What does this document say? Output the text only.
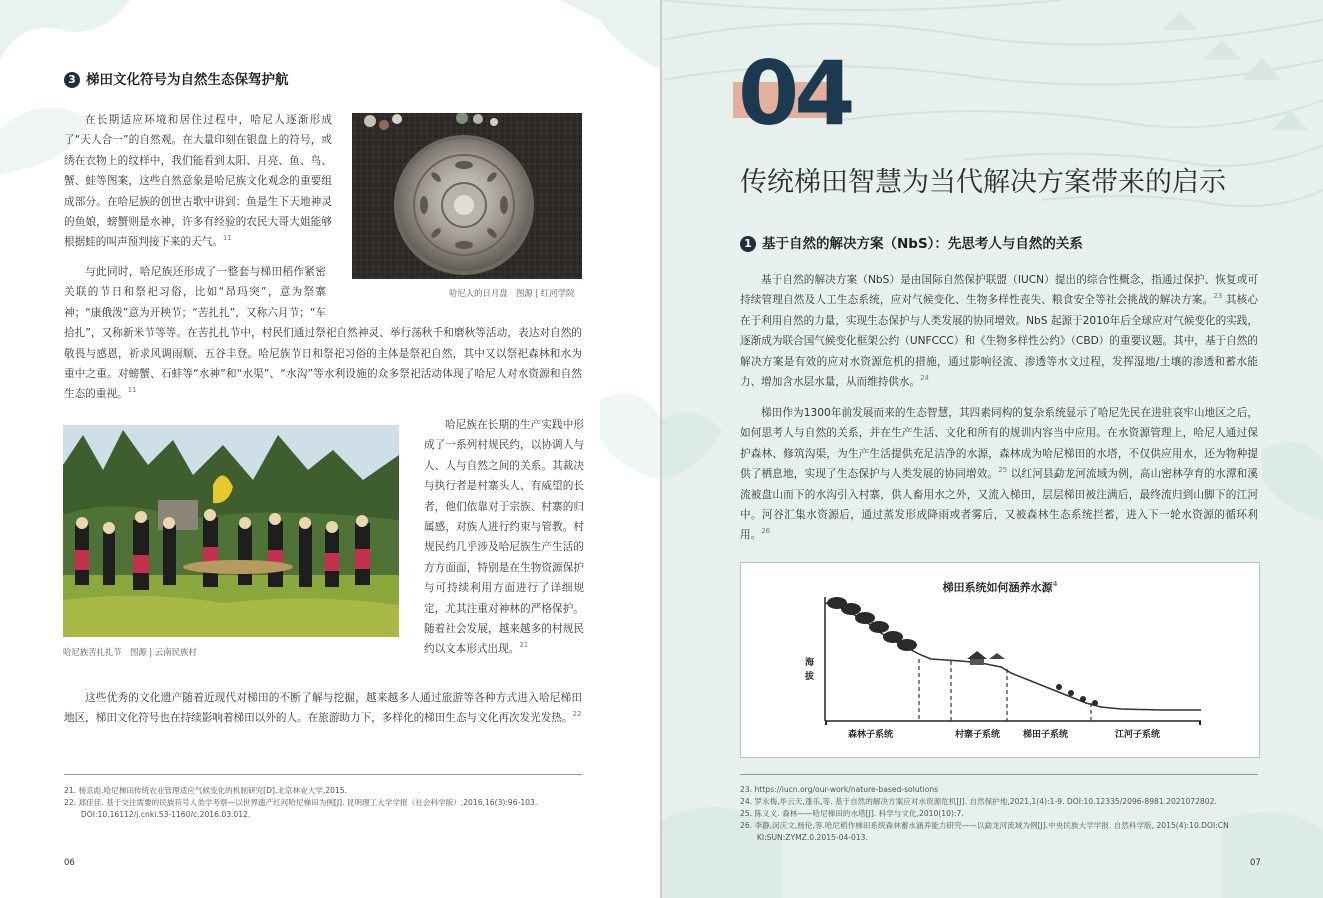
3 梯田文化符号为自然生态保驾护航

在长期适应环境和居住过程中，哈尼人逐渐形成了“天人合一”的自然观。在大量印刻在银盘上的符号，或绣在衣物上的纹样中，我们能看到太阳、月亮、鱼、鸟、蟹、蛙等图案，这些自然意象是哈尼族文化观念的重要组成部分。在哈尼族的创世古歌中讲到：鱼是生下天地神灵的鱼娘，螃蟹则是水神，许多有经验的农民大哥大姐能够根据蛙的叫声预判接下来的天气。$^{11}$

哈尼人的日月盘　图源 | 红河学院

与此同时，哈尼族还形成了一整套与梯田稻作紧密关联的节日和祭祀习俗，比如“昂玛突”，意为祭寨神；“康俄泼”意为开秧节；“苦扎扎”，又称六月节；“车拾扎”，又称新米节等等。在苦扎扎节中，村民们通过祭祀自然神灵、举行荡秋千和磨秋等活动，表达对自然的敬畏与感恩，祈求风调雨顺、五谷丰登。哈尼族节日和祭祀习俗的主体是祭祀自然，其中又以祭祀森林和水为重中之重。对螃蟹、石蚌等“水神”和“水渠”、“水沟”等水利设施的众多祭祀活动体现了哈尼人对水资源和自然生态的重视。$^{11}$

哈尼族苦扎扎节　图源 | 云南民族村

哈尼族在长期的生产实践中形成了一系列村规民约，以协调人与人、人与自然之间的关系。其裁决与执行者是村寨头人、有威望的长者，他们依靠对于宗族、村寨的归属感，对族人进行约束与管教。村规民约几乎涉及哈尼族生产生活的方方面面，特别是在生物资源保护与可持续利用方面进行了详细规定，尤其注重对神林的严格保护。随着社会发展，越来越多的村规民约以文本形式出现。$^{21}$

这些优秀的文化遗产随着近现代对梯田的不断了解与挖掘，越来越多人通过旅游等各种方式进入哈尼梯田地区，梯田文化符号也在持续影响着梯田以外的人。在旅游助力下，多样化的梯田生态与文化再次发光发热。$^{22}$

21. 杨京彪.哈尼梯田传统农业管理适应气候变化的机制研究[D].北京林业大学,2015.
22. 郑佳佳. 基于交往需要的民族符号人类学考察—以世界遗产红河哈尼梯田为例[J]. 昆明理工大学学报（社会科学版）,2016,16(3):96-103.
DOI:10.16112/j.cnki.53-1160/c.2016.03.012.
06
04
传统梯田智慧为当代解决方案带来的启示
1 基于自然的解决方案（NbS）：先思考人与自然的关系

基于自然的解决方案（NbS）是由国际自然保护联盟（IUCN）提出的综合性概念，指通过保护、恢复或可持续管理自然及人工生态系统，应对气候变化、生物多样性丧失、粮食安全等社会挑战的解决方案。$^{23}$ 其核心在于利用自然的力量，实现生态保护与人类发展的协同增效。NbS 起源于2010年后全球应对气候变化的实践，逐渐成为联合国气候变化框架公约（UNFCCC）和《生物多样性公约》（CBD）的重要议题。其中，基于自然的解决方案是有效的应对水资源危机的措施，通过影响径流、渗透等水文过程，发挥湿地/土壤的渗透和蓄水能力、增加含水层水量，从而维持供水。$^{24}$

梯田作为1300年前发展而来的生态智慧，其四素同构的复杂系统显示了哈尼先民在进驻哀牢山地区之后，如何思考人与自然的关系，并在生产生活、文化和所有的规训内容当中应用。在水资源管理上，哈尼人通过保护森林、修筑沟渠，为生产生活提供充足洁净的水源，森林成为哈尼梯田的水塔，不仅供应用水，还为物种提供了栖息地，实现了生态保护与人类发展的协同增效。$^{25}$ 以红河县勐龙河流域为例，高山密林孕育的水潭和溪流被盘山而下的水沟引入村寨，供人畜用水之外，又流入梯田，层层梯田被注满后，最终流归到山脚下的江河中。河谷汇集水资源后，通过蒸发形成降雨或者雾后，又被森林生态系统拦蓄，进入下一轮水资源的循环利用。$^{26}$

梯田系统如何涵养水源$^4$
海
拔
森林子系统	村寨子系统	梯田子系统	江河子系统
23. https://iucn.org/our-work/nature-based-solutions
24. 罗永梅,毕云天,蓬乐,等. 基于自然的解决方案应对水资源危机[J]. 自然保护地,2021,1(4):1-9. DOI:10.12335/2096-8981.2021072802.
25. 陈义义. 森林——哈尼梯田的水塔[J]. 科学与文化,2010(10):7.
26. 李静,闵庆文,杨伦,等.哈尼稻作梯田系统森林蓄水涵养能力研究——以勐龙河流域为例[J].中央民族大学学报. 自然科学版, 2015(4):10.DOI:CN
KI:SUN:ZYMZ.0.2015-04-013.
07
